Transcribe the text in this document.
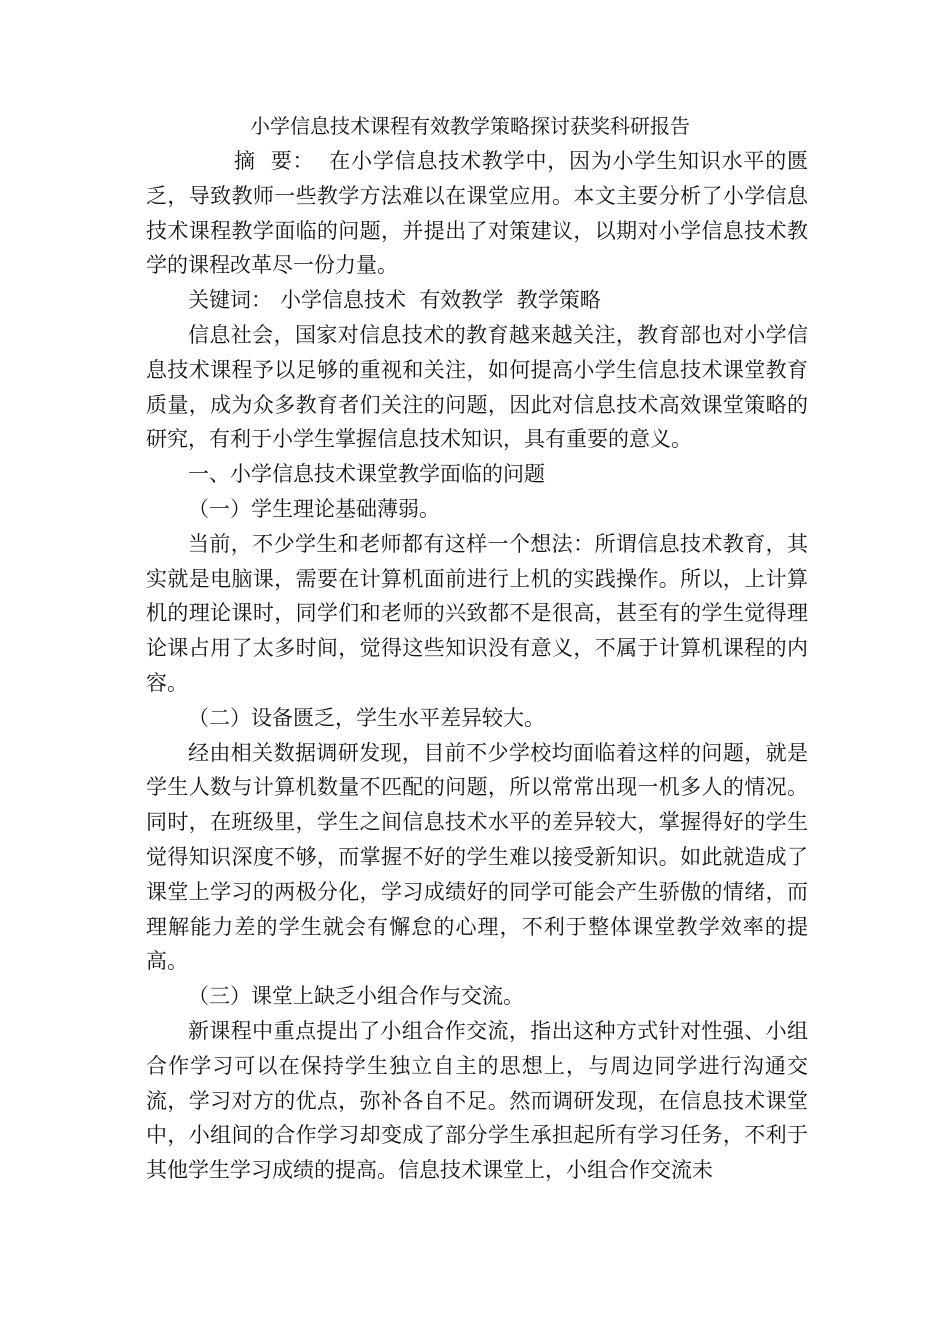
小学信息技术课程有效教学策略探讨获奖科研报告

摘  要： 在小学信息技术教学中，因为小学生知识水平的匮乏，导致教师一些教学方法难以在课堂应用。本文主要分析了小学信息技术课程教学面临的问题，并提出了对策建议，以期对小学信息技术教学的课程改革尽一份力量。

关键词： 小学信息技术  有效教学  教学策略

信息社会，国家对信息技术的教育越来越关注，教育部也对小学信息技术课程予以足够的重视和关注，如何提高小学生信息技术课堂教育质量，成为众多教育者们关注的问题，因此对信息技术高效课堂策略的研究，有利于小学生掌握信息技术知识，具有重要的意义。

一、小学信息技术课堂教学面临的问题

（一）学生理论基础薄弱。

当前，不少学生和老师都有这样一个想法：所谓信息技术教育，其实就是电脑课，需要在计算机面前进行上机的实践操作。所以，上计算机的理论课时，同学们和老师的兴致都不是很高，甚至有的学生觉得理论课占用了太多时间，觉得这些知识没有意义，不属于计算机课程的内容。

（二）设备匮乏，学生水平差异较大。

经由相关数据调研发现，目前不少学校均面临着这样的问题，就是学生人数与计算机数量不匹配的问题，所以常常出现一机多人的情况。同时，在班级里，学生之间信息技术水平的差异较大，掌握得好的学生觉得知识深度不够，而掌握不好的学生难以接受新知识。如此就造成了课堂上学习的两极分化，学习成绩好的同学可能会产生骄傲的情绪，而理解能力差的学生就会有懈怠的心理，不利于整体课堂教学效率的提高。

（三）课堂上缺乏小组合作与交流。

新课程中重点提出了小组合作交流，指出这种方式针对性强、小组合作学习可以在保持学生独立自主的思想上，与周边同学进行沟通交流，学习对方的优点，弥补各自不足。然而调研发现，在信息技术课堂中，小组间的合作学习却变成了部分学生承担起所有学习任务，不利于其他学生学习成绩的提高。信息技术课堂上，小组合作交流未
